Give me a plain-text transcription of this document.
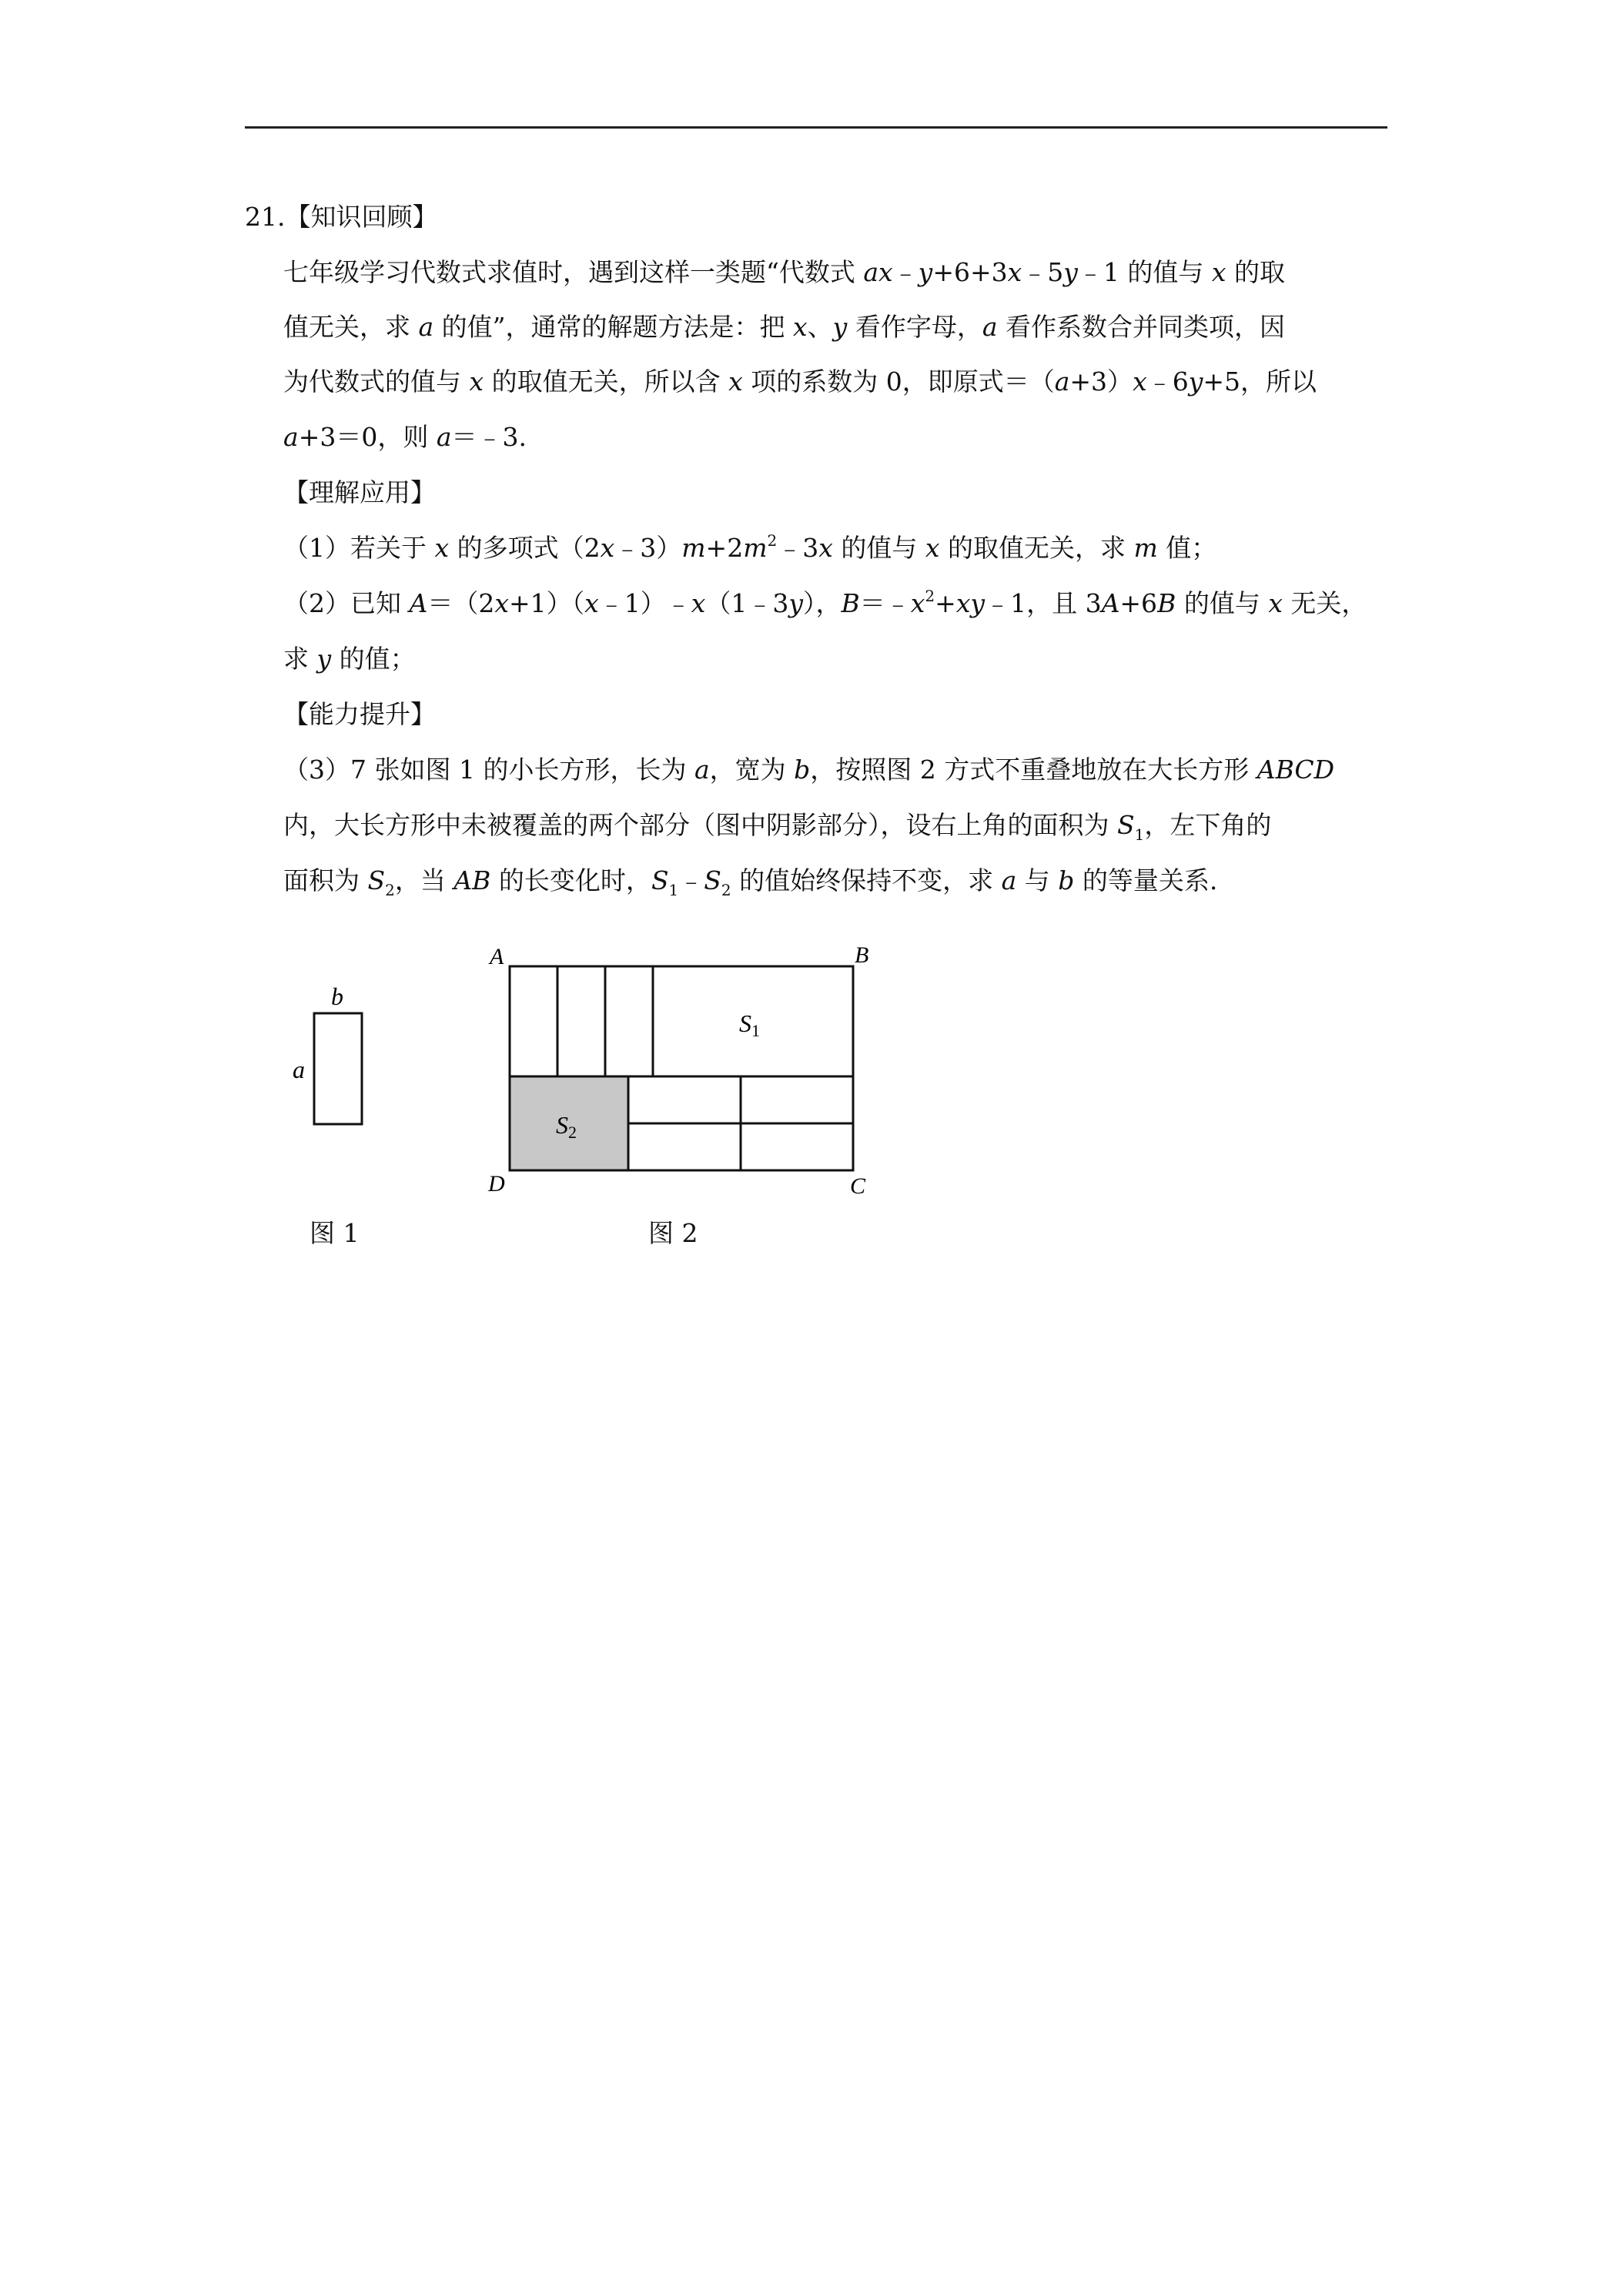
21.【知识回顾】
七年级学习代数式求值时，遇到这样一类题“代数式 ax﹣y+6+3x﹣5y﹣1 的值与 x 的取
值无关，求 a 的值”，通常的解题方法是：把 x、y 看作字母，a 看作系数合并同类项，因
为代数式的值与 x 的取值无关，所以含 x 项的系数为 0，即原式＝（a+3）x﹣6y+5，所以
a+3＝0，则 a＝﹣3.
【理解应用】
（1）若关于 x 的多项式$(2x﹣3)m+2m^2﹣3x$ 的值与 x 的取值无关，求 m 值；
（2）已知 A＝（2x+1）（x﹣1）﹣x（1﹣3y），$B=﹣x^2+xy﹣1$，且 3A+6B 的值与 x 无关，
求 y 的值；
【能力提升】
（3）7 张如图 1 的小长方形，长为 a，宽为 b，按照图 2 方式不重叠地放在大长方形 ABCD
内，大长方形中未被覆盖的两个部分（图中阴影部分），设右上角的面积为 $S_1$，左下角的
面积为 $S_2$，当 AB 的长变化时，$S_1﹣S_2$ 的值始终保持不变，求 a 与 b 的等量关系.
b
a
A	B
C
D
S1
S2
图 1	图 2
